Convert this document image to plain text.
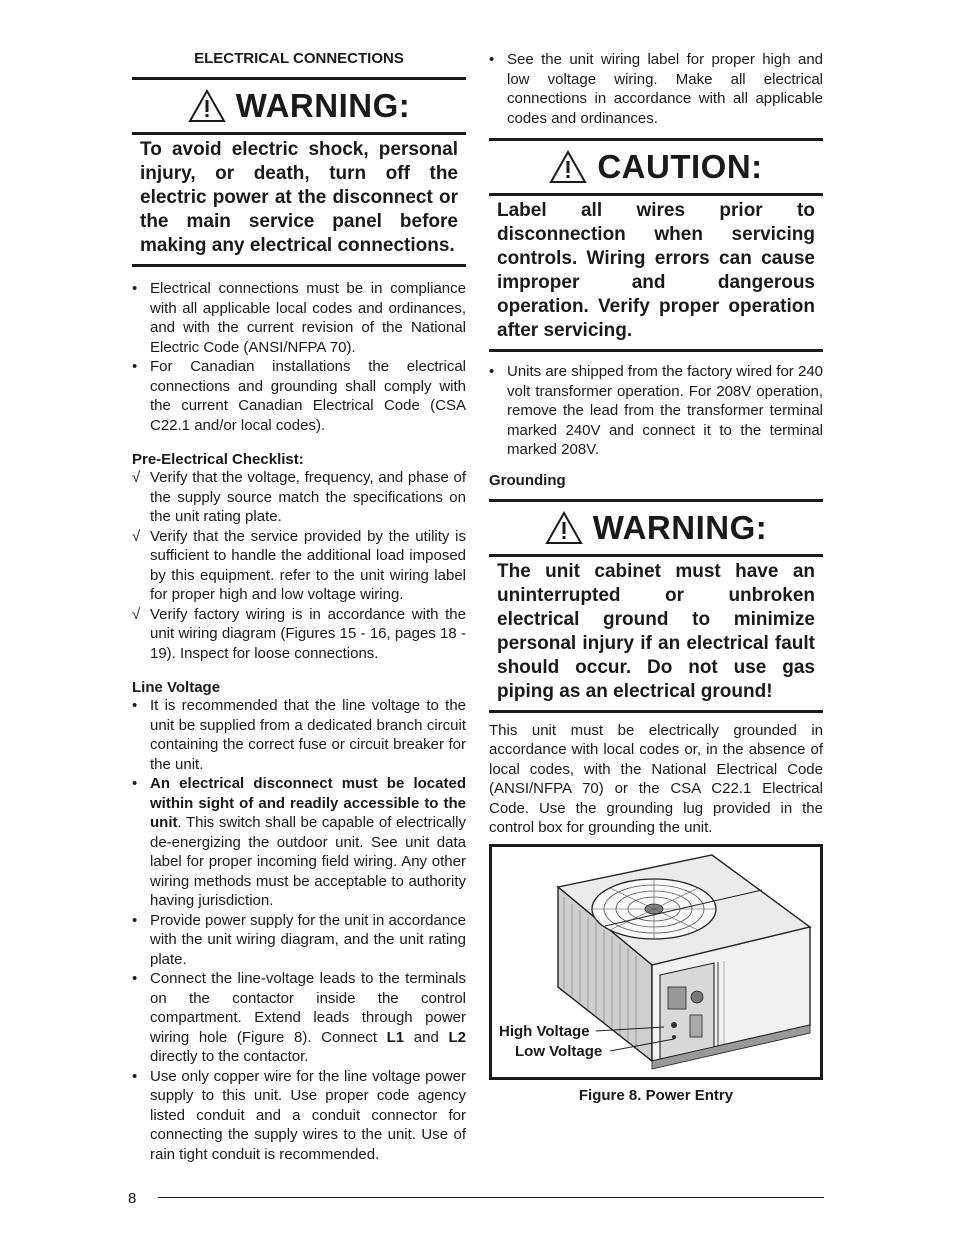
ELECTRICAL CONNECTIONS
WARNING:
To avoid electric shock, personal injury, or death, turn off the electric power at the disconnect or the main service panel before making any electrical connections.
• Electrical connections must be in compliance with all applicable local codes and ordinances, and with the current revision of the National Electric Code (ANSI/NFPA 70).
• For Canadian installations the electrical connections and grounding shall comply with the current Canadian Electrical Code (CSA C22.1 and/or local codes).
Pre-Electrical Checklist:
√ Verify that the voltage, frequency, and phase of the supply source match the specifications on the unit rating plate.
√ Verify that the service provided by the utility is sufficient to handle the additional load imposed by this equipment. refer to the unit wiring label for proper high and low voltage wiring.
√ Verify factory wiring is in accordance with the unit wiring diagram (Figures 15 - 16, pages 18 - 19). Inspect for loose connections.
Line Voltage
• It is recommended that the line voltage to the unit be supplied from a dedicated branch circuit containing the correct fuse or circuit breaker for the unit.
• An electrical disconnect must be located within sight of and readily accessible to the unit. This switch shall be capable of electrically de-energizing the outdoor unit. See unit data label for proper incoming field wiring. Any other wiring methods must be acceptable to authority having jurisdiction.
• Provide power supply for the unit in accordance with the unit wiring diagram, and the unit rating plate.
• Connect the line-voltage leads to the terminals on the contactor inside the control compartment. Extend leads through power wiring hole (Figure 8). Connect L1 and L2 directly to the contactor.
• Use only copper wire for the line voltage power supply to this unit. Use proper code agency listed conduit and a conduit connector for connecting the supply wires to the unit. Use of rain tight conduit is recommended.
• See the unit wiring label for proper high and low voltage wiring. Make all electrical connections in accordance with all applicable codes and ordinances.
CAUTION:
Label all wires prior to disconnection when servicing controls. Wiring errors can cause improper and dangerous operation. Verify proper operation after servicing.
• Units are shipped from the factory wired for 240 volt transformer operation. For 208V operation, remove the lead from the transformer terminal marked 240V and connect it to the terminal marked 208V.
Grounding
WARNING:
The unit cabinet must have an uninterrupted or unbroken electrical ground to minimize personal injury if an electrical fault should occur. Do not use gas piping as an electrical ground!

This unit must be electrically grounded in accordance with local codes or, in the absence of local codes, with the National Electrical Code (ANSI/NFPA 70) or the CSA C22.1 Electrical Code. Use the grounding lug provided in the control box for grounding the unit.

High Voltage
Low Voltage
Figure 8. Power Entry
8
